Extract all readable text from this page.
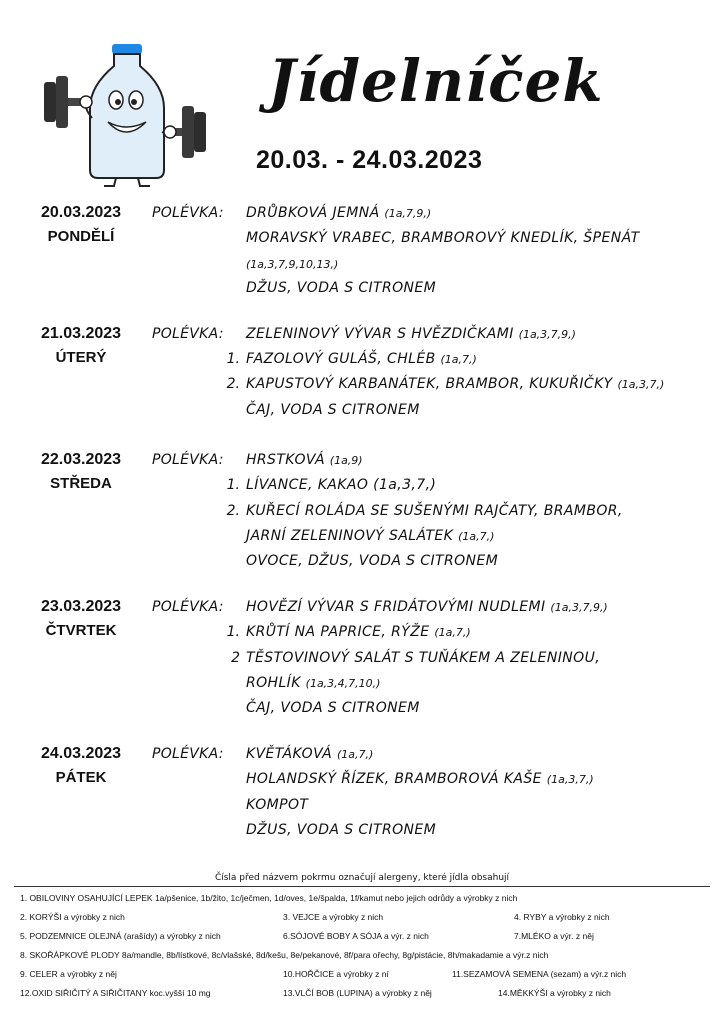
Jídelníček
20.03. - 24.03.2023
20.03.2023
PONDĚLÍ
POLÉVKA: DRŮBKOVÁ JEMNÁ (1a,7,9,)
MORAVSKÝ VRABEC, BRAMBOROVÝ KNEDLÍK, ŠPENÁT
(1a,3,7,9,10,13,)
DŽUS, VODA S CITRONEM
21.03.2023
ÚTERÝ
POLÉVKA: ZELENINOVÝ VÝVAR S HVĚZDIČKAMI (1a,3,7,9,)
1. FAZOLOVÝ GULÁŠ, CHLÉB (1a,7,)
2. KAPUSTOVÝ KARBANÁTEK, BRAMBOR, KUKUŘIČKY (1a,3,7,)
ČAJ, VODA S CITRONEM
22.03.2023
STŘEDA
POLÉVKA: HRSTKOVÁ (1a,9)
1. LÍVANCE, KAKAO (1a,3,7,)
2. KUŘECÍ ROLÁDA SE SUŠENÝMI RAJČATY, BRAMBOR,
JARNÍ ZELENINOVÝ SALÁTEK (1a,7,)
OVOCE, DŽUS, VODA S CITRONEM
23.03.2023
ČTVRTEK
POLÉVKA: HOVĚZÍ VÝVAR S FRIDÁTOVÝMI NUDLEMI (1a,3,7,9,)
1. KRŮTÍ NA PAPRICE, RÝŽE (1a,7,)
2 TĚSTOVINOVÝ SALÁT S TUŇÁKEM A ZELENINOU,
ROHLÍK (1a,3,4,7,10,)
ČAJ, VODA S CITRONEM
24.03.2023
PÁTEK
POLÉVKA: KVĚTÁKOVÁ (1a,7,)
HOLANDSKÝ ŘÍZEK, BRAMBOROVÁ KAŠE (1a,3,7,)
KOMPOT
DŽUS, VODA S CITRONEM
Čísla před názvem pokrmu označují alergeny, které jídla obsahují
1. OBILOVINY OSAHUJÍCÍ LEPEK 1a/pšenice, 1b/žito, 1c/ječmen, 1d/oves, 1e/špalda, 1f/kamut nebo jejich odrůdy a výrobky z nich
2. KORÝŠI a výrobky z nich	3. VEJCE a výrobky z nich	4. RYBY a výrobky z nich
5. PODZEMNICE OLEJNÁ (arašídy) a výrobky z nich	6.SÓJOVÉ BOBY A SÓJA a výr. z nich	7.MLÉKO a výr. z něj
8. SKOŘÁPKOVÉ PLODY 8a/mandle, 8b/lístkové, 8c/vlašské, 8d/kešu, 8e/pekanové, 8f/para ořechy, 8g/pistácie, 8h/makadamie a výr.z nich
9. CELER a výrobky z něj	10.HOŘČICE a výrobky z ní	11.SEZAMOVÁ SEMENA (sezam) a výr.z nich
12.OXID SIŘIČITÝ A SIŘIČITANY koc.vyšší 10 mg	13.VLČÍ BOB (LUPINA) a výrobky z něj	14.MĚKKÝŠI a výrobky z nich
